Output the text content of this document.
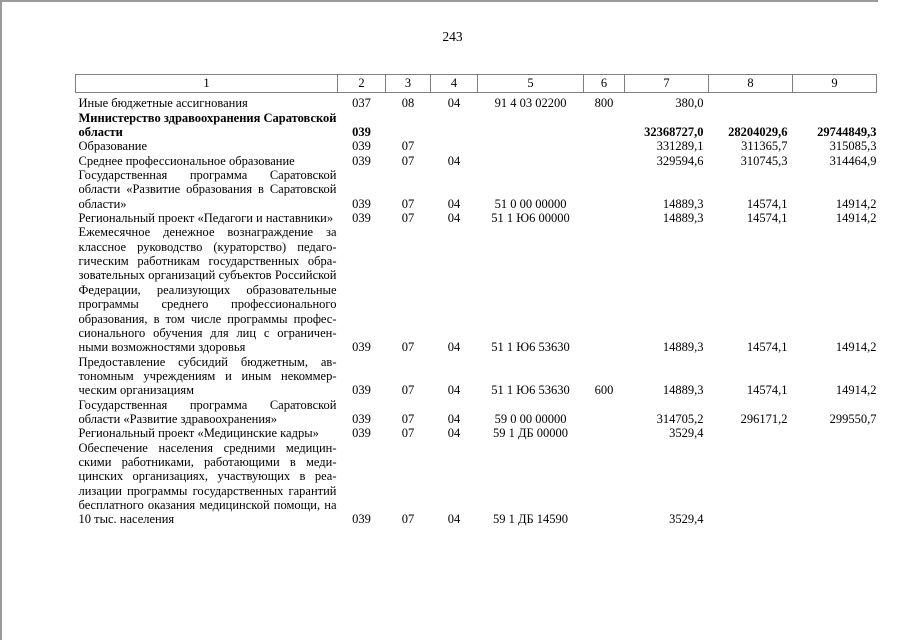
243
1	2	3	4	5	6	7	8	9
Иные бюджетные ассигнования	037	08	04	91 4 03 02200	800	380,0		
Министерство здравоохранения Саратовской области	039					32368727,0	28204029,6	29744849,3
Образование	039	07				331289,1	311365,7	315085,3
Среднее профессиональное образование	039	07	04			329594,6	310745,3	314464,9
Государственная программа Саратовской области «Развитие образования в Саратовской области»	039	07	04	51 0 00 00000		14889,3	14574,1	14914,2
Региональный проект «Педагоги и наставники»	039	07	04	51 1 Ю6 00000		14889,3	14574,1	14914,2
Ежемесячное денежное вознаграждение за классное руководство (кураторство) педагогическим работникам государственных образовательных организаций субъектов Российской Федерации, реализующих образовательные программы среднего профессионального образования, в том числе программы профессионального обучения для лиц с ограниченными возможностями здоровья	039	07	04	51 1 Ю6 53630		14889,3	14574,1	14914,2
Предоставление субсидий бюджетным, автономным учреждениям и иным некоммерческим организациям	039	07	04	51 1 Ю6 53630	600	14889,3	14574,1	14914,2
Государственная программа Саратовской области «Развитие здравоохранения»	039	07	04	59 0 00 00000		314705,2	296171,2	299550,7
Региональный проект «Медицинские кадры»	039	07	04	59 1 ДБ 00000		3529,4		
Обеспечение населения средними медицинскими работниками, работающими в медицинских организациях, участвующих в реализации программы государственных гарантий бесплатного оказания медицинской помощи, на 10 тыс. населения	039	07	04	59 1 ДБ 14590		3529,4		
